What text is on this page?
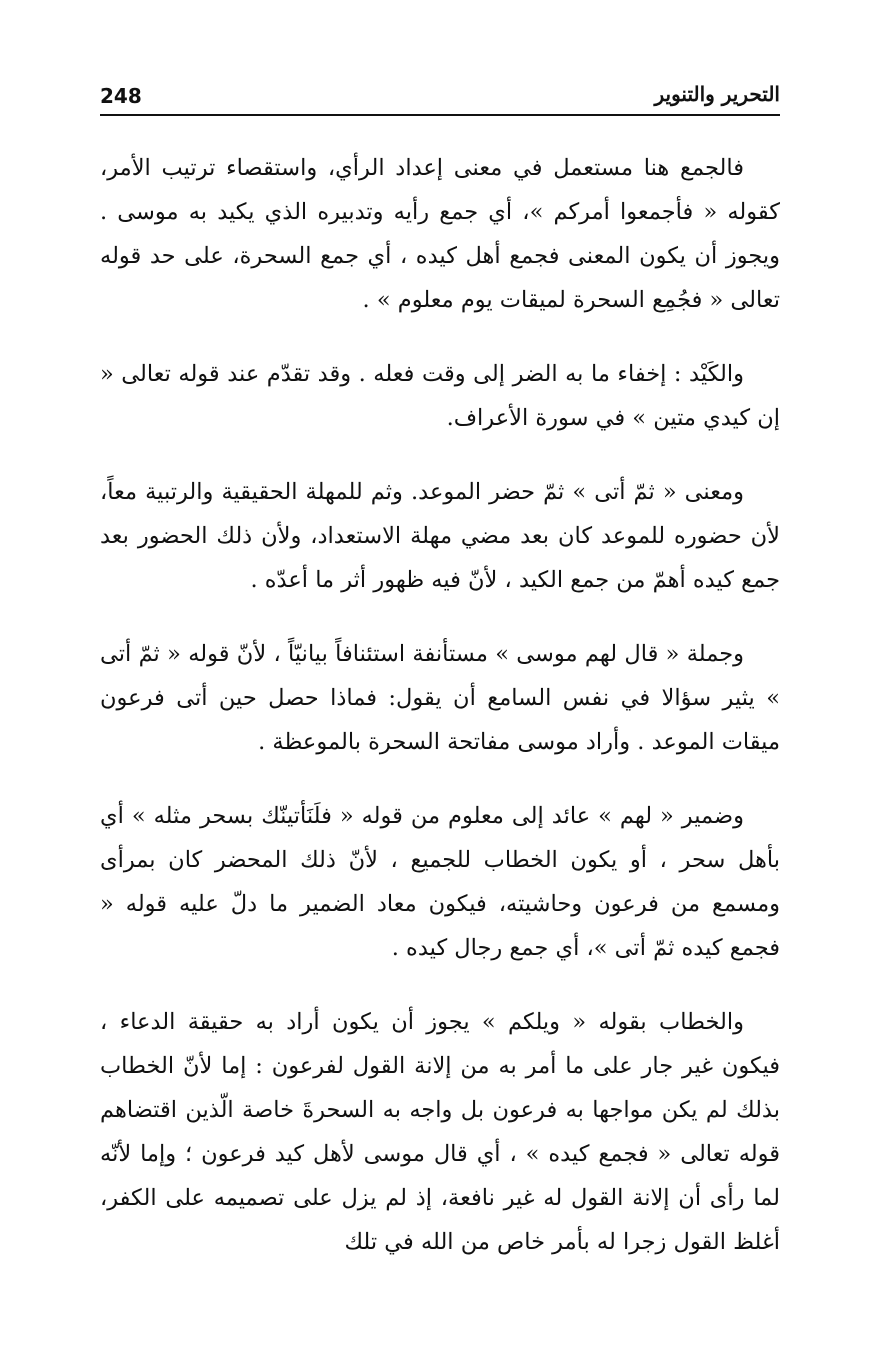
248	التحرير والتنوير

فالجمع هنا مستعمل في معنى إعداد الرأي، واستقصاء ترتيب الأمر، كقوله « فأجمعوا أمركم »، أي جمع رأيه وتدبيره الذي يكيد به موسى . ويجوز أن يكون المعنى فجمع أهل كيده ، أي جمع السحرة، على حد قوله تعالى « فجُمِع السحرة لميقات يوم معلوم » .

والكَيْد : إخفاء ما به الضر إلى وقت فعله . وقد تقدّم عند قوله تعالى « إن كيدي متين » في سورة الأعراف.

ومعنى « ثمّ أتى » ثمّ حضر الموعد. وثم للمهلة الحقيقية والرتبية معاً، لأن حضوره للموعد كان بعد مضي مهلة الاستعداد، ولأن ذلك الحضور بعد جمع كيده أهمّ من جمع الكيد ، لأنّ فيه ظهور أثر ما أعدّه .

وجملة « قال لهم موسى » مستأنفة استئنافاً بيانيّاً ، لأنّ قوله « ثمّ أتى » يثير سؤالا في نفس السامع أن يقول: فماذا حصل حين أتى فرعون ميقات الموعد . وأراد موسى مفاتحة السحرة بالموعظة .

وضمير « لهم » عائد إلى معلوم من قوله « فلَنَأتينّك بسحر مثله » أي بأهل سحر ، أو يكون الخطاب للجميع ، لأنّ ذلك المحضر كان بمرأى ومسمع من فرعون وحاشيته، فيكون معاد الضمير ما دلّ عليه قوله « فجمع كيده ثمّ أتى »، أي جمع رجال كيده .

والخطاب بقوله « ويلكم » يجوز أن يكون أراد به حقيقة الدعاء ، فيكون غير جار على ما أمر به من إلانة القول لفرعون : إما لأنّ الخطاب بذلك لم يكن مواجها به فرعون بل واجه به السحرةَ خاصة الّذين اقتضاهم قوله تعالى « فجمع كيده » ، أي قال موسى لأهل كيد فرعون ؛ وإما لأنّه لما رأى أن إلانة القول له غير نافعة، إذ لم يزل على تصميمه على الكفر، أغلظ القول زجرا له بأمر خاص من الله في تلك
